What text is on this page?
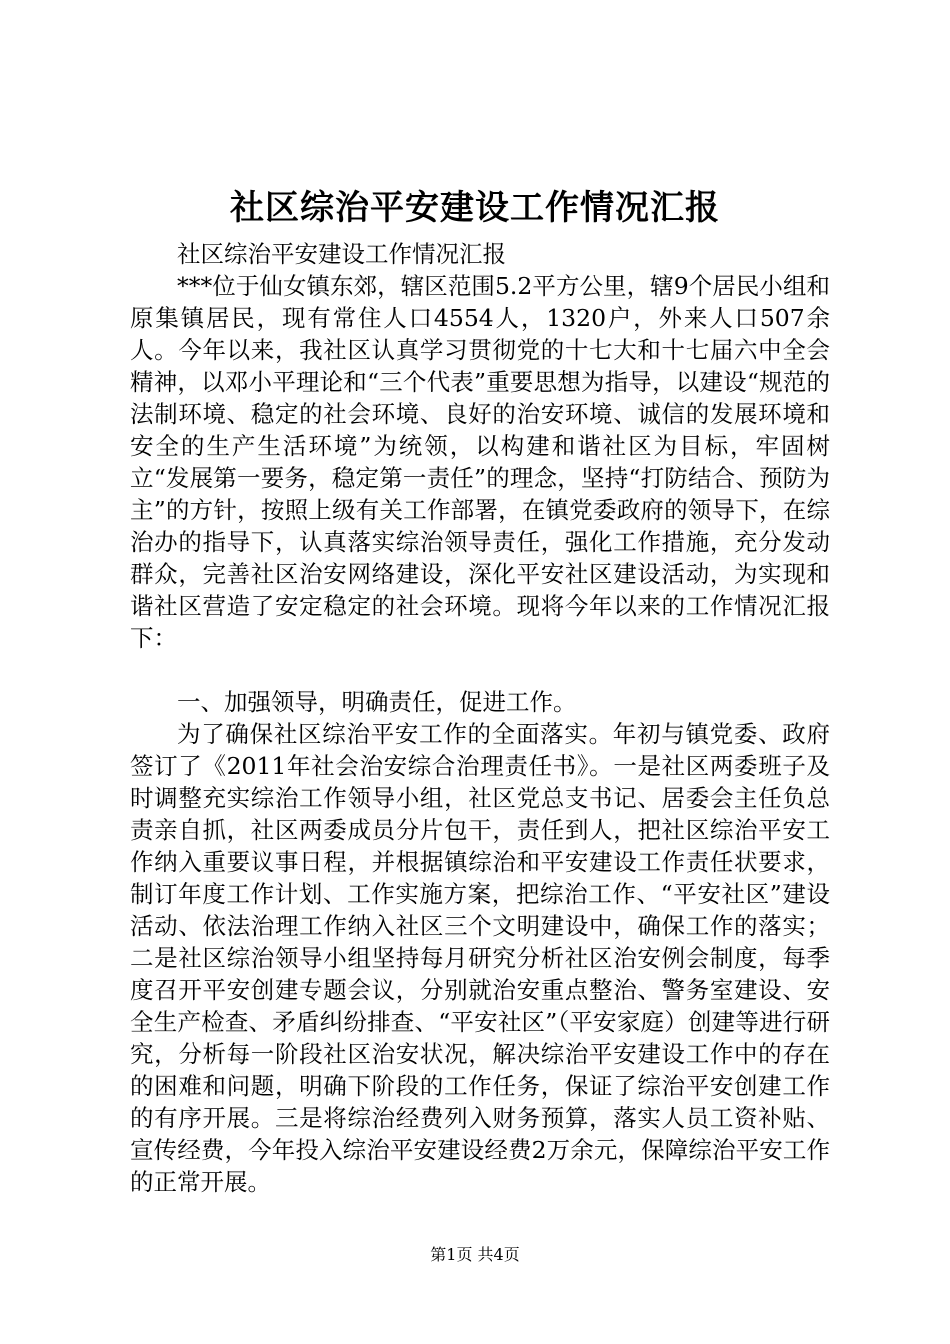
社区综治平安建设工作情况汇报

社区综治平安建设工作情况汇报

***位于仙女镇东郊，辖区范围5.2平方公里，辖9个居民小组和原集镇居民，现有常住人口4554人，1320户，外来人口507余人。今年以来，我社区认真学习贯彻党的十七大和十七届六中全会精神，以邓小平理论和“三个代表”重要思想为指导，以建设“规范的法制环境、稳定的社会环境、良好的治安环境、诚信的发展环境和安全的生产生活环境”为统领，以构建和谐社区为目标，牢固树立“发展第一要务，稳定第一责任”的理念，坚持“打防结合、预防为主”的方针，按照上级有关工作部署，在镇党委政府的领导下，在综治办的指导下，认真落实综治领导责任，强化工作措施，充分发动群众，完善社区治安网络建设，深化平安社区建设活动，为实现和谐社区营造了安定稳定的社会环境。现将今年以来的工作情况汇报下：

一、加强领导，明确责任，促进工作。

为了确保社区综治平安工作的全面落实。年初与镇党委、政府签订了《2011年社会治安综合治理责任书》。一是社区两委班子及时调整充实综治工作领导小组，社区党总支书记、居委会主任负总责亲自抓，社区两委成员分片包干，责任到人，把社区综治平安工作纳入重要议事日程，并根据镇综治和平安建设工作责任状要求，制订年度工作计划、工作实施方案，把综治工作、“平安社区”建设活动、依法治理工作纳入社区三个文明建设中，确保工作的落实；二是社区综治领导小组坚持每月研究分析社区治安例会制度，每季度召开平安创建专题会议，分别就治安重点整治、警务室建设、安全生产检查、矛盾纠纷排查、“平安社区”（平安家庭）创建等进行研究，分析每一阶段社区治安状况，解决综治平安建设工作中的存在的困难和问题，明确下阶段的工作任务，保证了综治平安创建工作的有序开展。三是将综治经费列入财务预算，落实人员工资补贴、宣传经费，今年投入综治平安建设经费2万余元，保障综治平安工作的正常开展。

第1页 共4页
